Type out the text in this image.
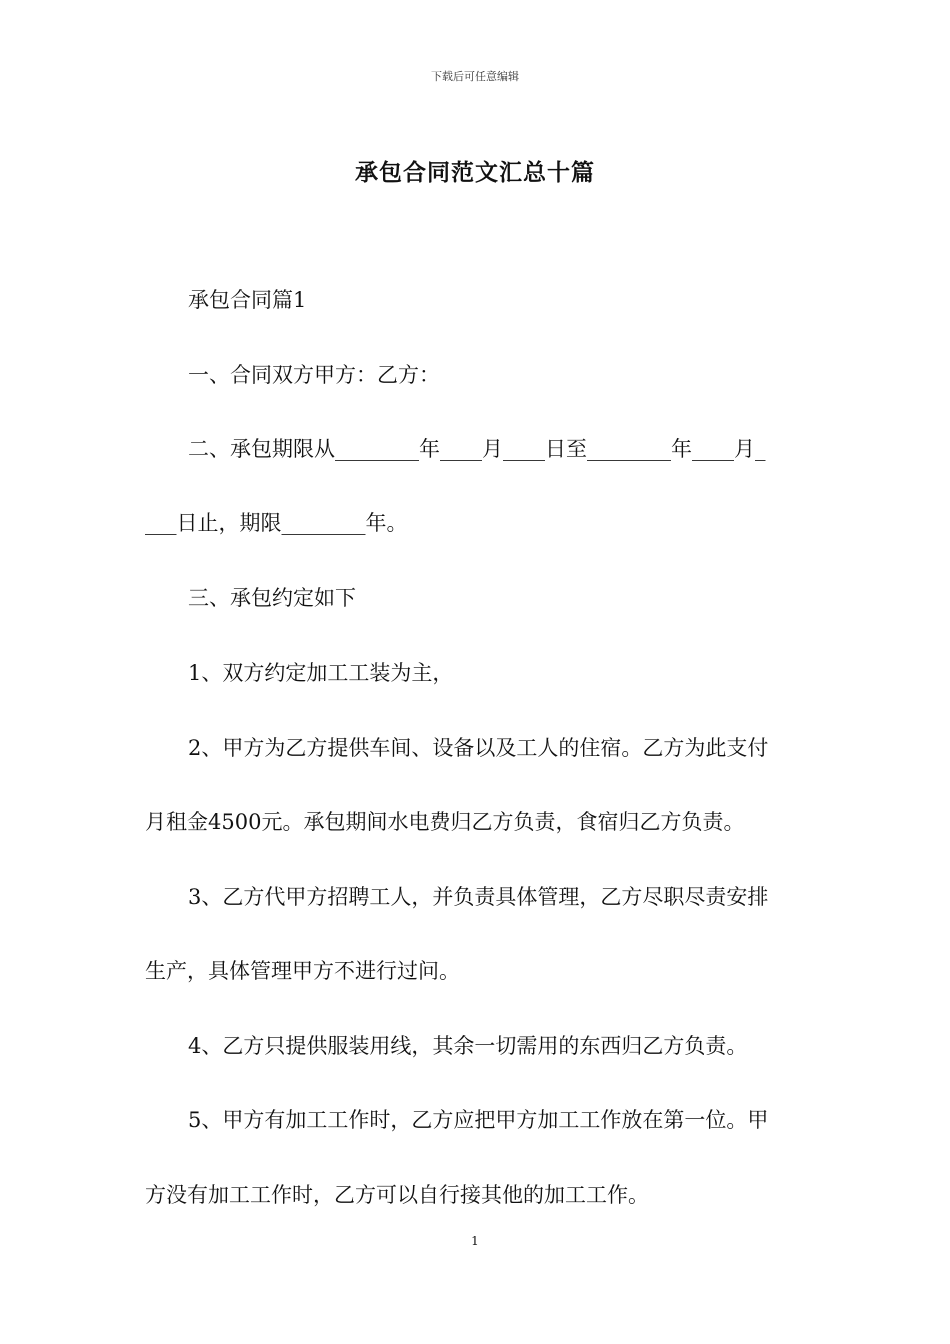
下载后可任意编辑
承包合同范文汇总十篇
承包合同篇1
一、合同双方甲方：乙方：
二、承包期限从________年____月____日至________年____月_
___日止，期限________年。
三、承包约定如下
1、双方约定加工工装为主，
2、甲方为乙方提供车间、设备以及工人的住宿。乙方为此支付
月租金4500元。承包期间水电费归乙方负责，食宿归乙方负责。
3、乙方代甲方招聘工人，并负责具体管理，乙方尽职尽责安排
生产，具体管理甲方不进行过问。
4、乙方只提供服装用线，其余一切需用的东西归乙方负责。
5、甲方有加工工作时，乙方应把甲方加工工作放在第一位。甲
方没有加工工作时，乙方可以自行接其他的加工工作。
1
